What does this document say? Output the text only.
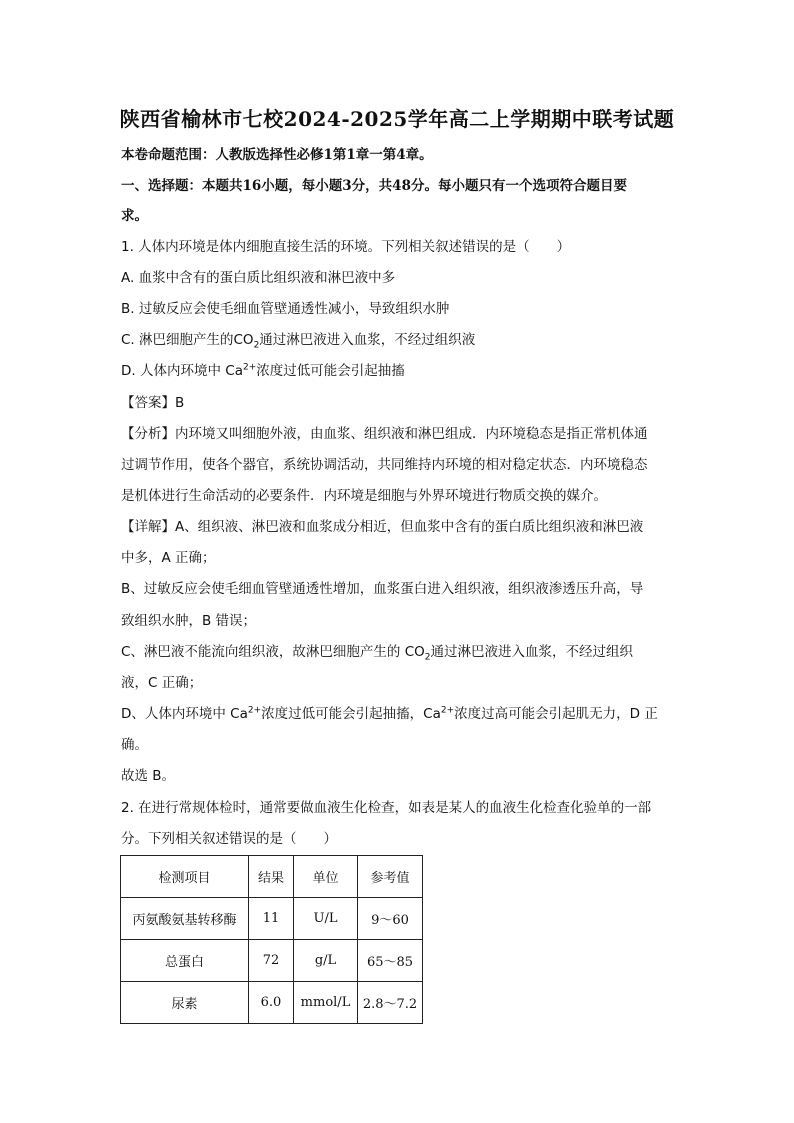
陕西省榆林市七校2024-2025学年高二上学期期中联考试题
本卷命题范围：人教版选择性必修1第1章一第4章。
一、选择题：本题共16小题，每小题3分，共48分。每小题只有一个选项符合题目要
求。
1. 人体内环境是体内细胞直接生活的环境。下列相关叙述错误的是（　　）
A. 血浆中含有的蛋白质比组织液和淋巴液中多
B. 过敏反应会使毛细血管壁通透性减小，导致组织水肿
C. 淋巴细胞产生的$CO_2$通过淋巴液进入血浆，不经过组织液
D. 人体内环境中 $Ca^{2+}$浓度过低可能会引起抽搐
【答案】B
【分析】内环境又叫细胞外液，由血浆、组织液和淋巴组成．内环境稳态是指正常机体通
过调节作用，使各个器官，系统协调活动，共同维持内环境的相对稳定状态．内环境稳态
是机体进行生命活动的必要条件．内环境是细胞与外界环境进行物质交换的媒介。
【详解】A、组织液、淋巴液和血浆成分相近，但血浆中含有的蛋白质比组织液和淋巴液
中多，A 正确；
B、过敏反应会使毛细血管壁通透性增加，血浆蛋白进入组织液，组织液渗透压升高，导
致组织水肿，B 错误；
C、淋巴液不能流向组织液，故淋巴细胞产生的 $CO_2$通过淋巴液进入血浆，不经过组织
液，C 正确；
D、人体内环境中 $Ca^{2+}$浓度过低可能会引起抽搐，$Ca^{2+}$浓度过高可能会引起肌无力，D 正
确。
故选 B。
2. 在进行常规体检时，通常要做血液生化检查，如表是某人的血液生化检查化验单的一部
分。下列相关叙述错误的是（　　）
检测项目	结果	单位	参考值
丙氨酸氨基转移酶	11	U/L	9～60
总蛋白	72	g/L	65～85
尿素	6.0	mmol/L	2.8～7.2
